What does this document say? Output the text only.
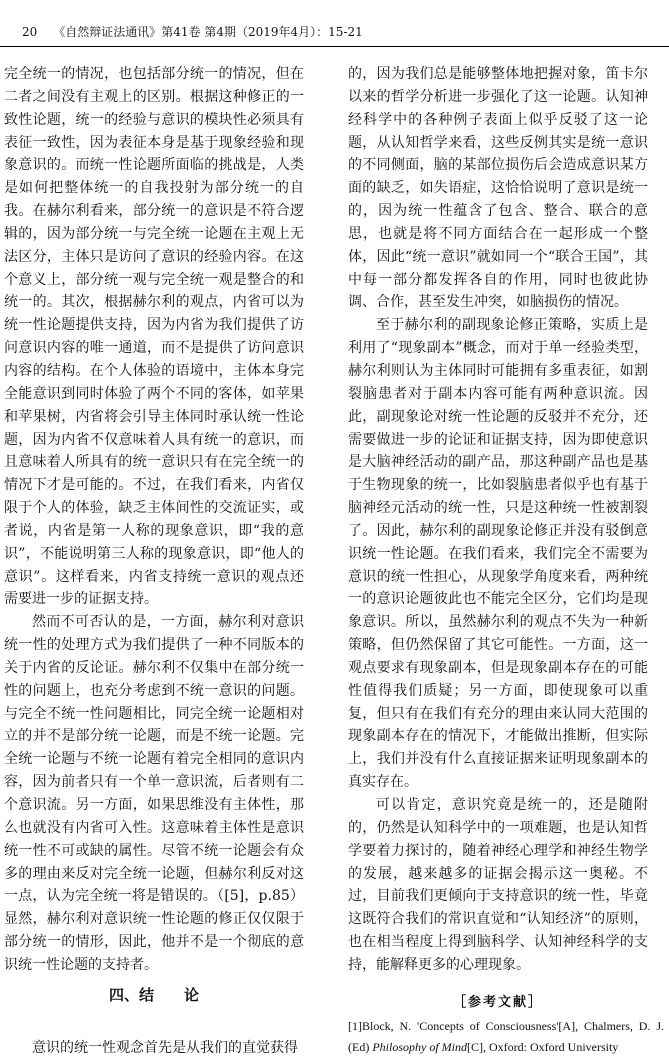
20 《自然辩证法通讯》第41卷 第4期（2019年4月）：15-21

完全统一的情况，也包括部分统一的情况，但在二者之间没有主观上的区别。根据这种修正的一致性论题，统一的经验与意识的模块性必须具有表征一致性，因为表征本身是基于现象经验和现象意识的。而统一性论题所面临的挑战是，人类是如何把整体统一的自我投射为部分统一的自我。在赫尔利看来，部分统一的意识是不符合逻辑的，因为部分统一与完全统一论题在主观上无法区分，主体只是访问了意识的经验内容。在这个意义上，部分统一观与完全统一观是整合的和统一的。其次，根据赫尔利的观点，内省可以为统一性论题提供支持，因为内省为我们提供了访问意识内容的唯一通道，而不是提供了访问意识内容的结构。在个人体验的语境中，主体本身完全能意识到同时体验了两个不同的客体，如苹果和苹果树，内省将会引导主体同时承认统一性论题，因为内省不仅意味着人具有统一的意识，而且意味着人所具有的统一意识只有在完全统一的情况下才是可能的。不过，在我们看来，内省仅限于个人的体验，缺乏主体间性的交流证实，或者说，内省是第一人称的现象意识，即“我的意识”，不能说明第三人称的现象意识，即“他人的意识”。这样看来，内省支持统一意识的观点还需要进一步的证据支持。

然而不可否认的是，一方面，赫尔利对意识统一性的处理方式为我们提供了一种不同版本的关于内省的反论证。赫尔利不仅集中在部分统一性的问题上，也充分考虑到不统一意识的问题。与完全不统一性问题相比，同完全统一论题相对立的并不是部分统一论题，而是不统一论题。完全统一论题与不统一论题有着完全相同的意识内容，因为前者只有一个单一意识流，后者则有二个意识流。另一方面，如果思维没有主体性，那么也就没有内省可入性。这意味着主体性是意识统一性不可或缺的属性。尽管不统一论题会有众多的理由来反对完全统一论题，但赫尔利反对这一点，认为完全统一将是错误的。（[5]，p.85）显然，赫尔利对意识统一性论题的修正仅仅限于部分统一的情形，因此，他并不是一个彻底的意识统一性论题的支持者。

四、结　　论
意识的统一性观念首先是从我们的直觉获得

的，因为我们总是能够整体地把握对象，笛卡尔以来的哲学分析进一步强化了这一论题。认知神经科学中的各种例子表面上似乎反驳了这一论题，从认知哲学来看，这些反例其实是统一意识的不同侧面，脑的某部位损伤后会造成意识某方面的缺乏，如失语症，这恰恰说明了意识是统一的，因为统一性蕴含了包含、整合、联合的意思，也就是将不同方面结合在一起形成一个整体，因此“统一意识”就如同一个“联合王国”，其中每一部分都发挥各自的作用，同时也彼此协调、合作，甚至发生冲突，如脑损伤的情况。

至于赫尔利的副现象论修正策略，实质上是利用了“现象副本”概念，而对于单一经验类型，赫尔利则认为主体同时可能拥有多重表征，如割裂脑患者对于副本内容可能有两种意识流。因此，副现象论对统一性论题的反驳并不充分，还需要做进一步的论证和证据支持，因为即使意识是大脑神经活动的副产品，那这种副产品也是基于生物现象的统一，比如裂脑患者似乎也有基于脑神经元活动的统一性，只是这种统一性被割裂了。因此，赫尔利的副现象论修正并没有驳倒意识统一性论题。在我们看来，我们完全不需要为意识的统一性担心，从现象学角度来看，两种统一的意识论题彼此也不能完全区分，它们均是现象意识。所以，虽然赫尔利的观点不失为一种新策略，但仍然保留了其它可能性。一方面，这一观点要求有现象副本，但是现象副本存在的可能性值得我们质疑；另一方面，即使现象可以重复，但只有在我们有充分的理由来认同大范围的现象副本存在的情况下，才能做出推断，但实际上，我们并没有什么直接证据来证明现象副本的真实存在。

可以肯定，意识究竟是统一的，还是随附的，仍然是认知科学中的一项难题，也是认知哲学要着力探讨的，随着神经心理学和神经生物学的发展，越来越多的证据会揭示这一奥秘。不过，目前我们更倾向于支持意识的统一性，毕竟这既符合我们的常识直觉和“认知经济”的原则，也在相当程度上得到脑科学、认知神经科学的支持，能解释更多的心理现象。

［参考文献］
[1]Block, N. 'Concepts of Consciousness'[A], Chalmers, D. J. (Ed) Philosophy of Mind[C], Oxford: Oxford University
